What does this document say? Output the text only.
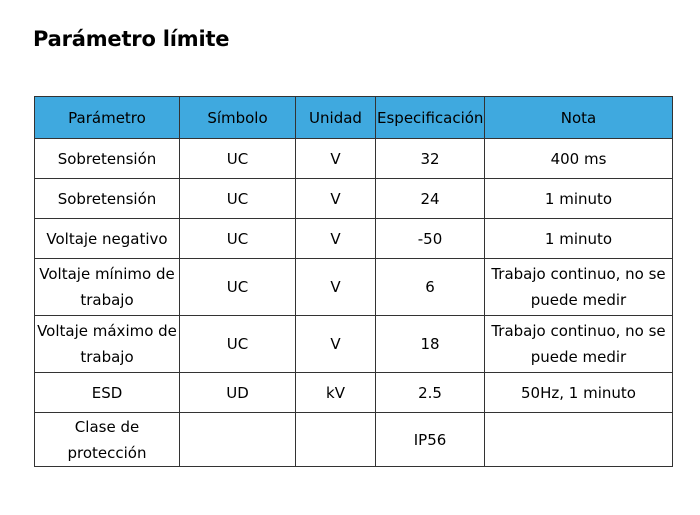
Parámetro límite
Parámetro	Símbolo	Unidad	Especificación	Nota
Sobretensión	UC	V	32	400 ms
Sobretensión	UC	V	24	1 minuto
Voltaje negativo	UC	V	-50	1 minuto
Voltaje mínimo de trabajo	UC	V	6	Trabajo continuo, no se puede medir
Voltaje máximo de trabajo	UC	V	18	Trabajo continuo, no se puede medir
ESD	UD	kV	2.5	50Hz, 1 minuto
Clase de protección			IP56	
